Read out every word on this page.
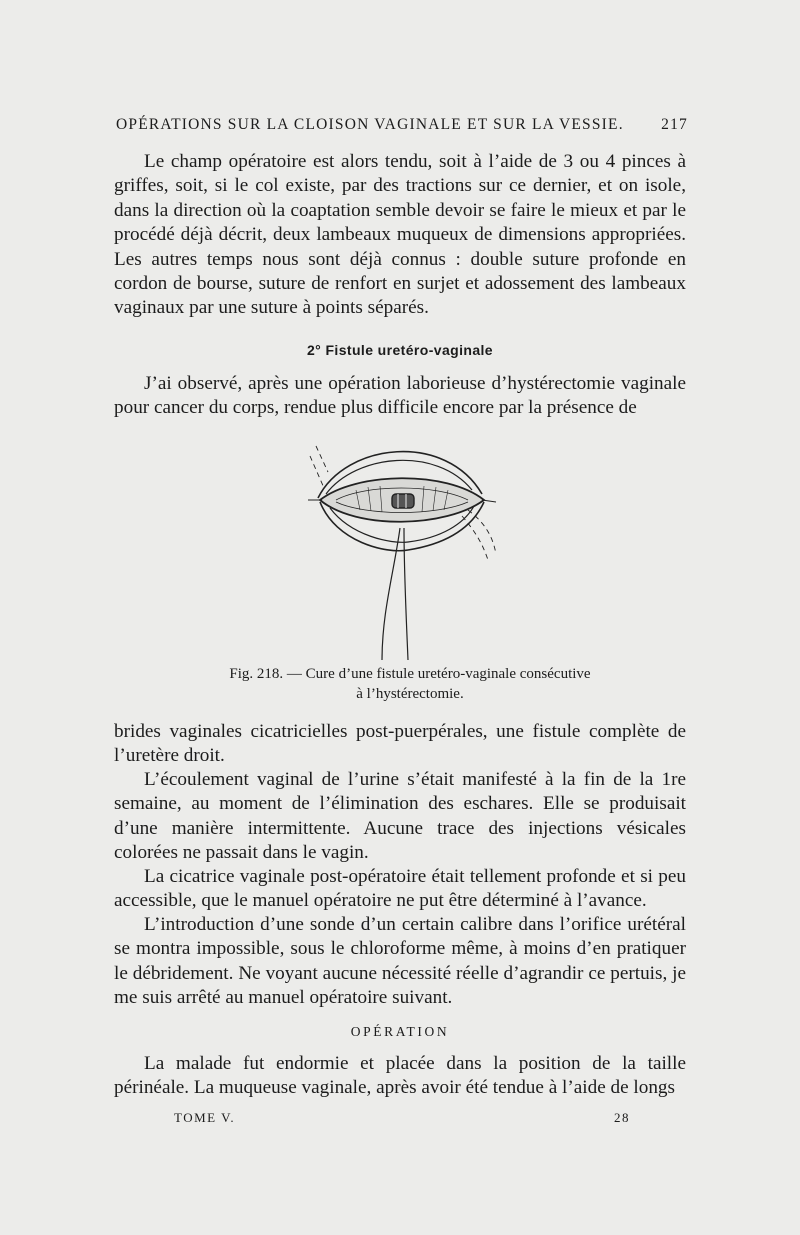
OPÉRATIONS SUR LA CLOISON VAGINALE ET SUR LA VESSIE. 217

Le champ opératoire est alors tendu, soit à l’aide de 3 ou 4 pinces à griffes, soit, si le col existe, par des tractions sur ce dernier, et on isole, dans la direction où la coaptation semble devoir se faire le mieux et par le procédé déjà décrit, deux lambeaux muqueux de dimensions appropriées. Les autres temps nous sont déjà connus : double suture profonde en cordon de bourse, suture de renfort en surjet et adossement des lambeaux vaginaux par une suture à points séparés.

2° Fistule uretéro-vaginale

J’ai observé, après une opération laborieuse d’hystérectomie vaginale pour cancer du corps, rendue plus difficile encore par la présence de

Fig. 218. — Cure d’une fistule uretéro-vaginale consécutive
à l’hystérectomie.

brides vaginales cicatricielles post-puerpérales, une fistule complète de l’uretère droit.

L’écoulement vaginal de l’urine s’était manifesté à la fin de la 1re semaine, au moment de l’élimination des eschares. Elle se produisait d’une manière intermittente. Aucune trace des injections vésicales colorées ne passait dans le vagin.

La cicatrice vaginale post-opératoire était tellement profonde et si peu accessible, que le manuel opératoire ne put être déterminé à l’avance.

L’introduction d’une sonde d’un certain calibre dans l’orifice urétéral se montra impossible, sous le chloroforme même, à moins d’en pratiquer le débridement. Ne voyant aucune nécessité réelle d’agrandir ce pertuis, je me suis arrêté au manuel opératoire suivant.

OPÉRATION

La malade fut endormie et placée dans la position de la taille périnéale. La muqueuse vaginale, après avoir été tendue à l’aide de longs

TOME V.	28
